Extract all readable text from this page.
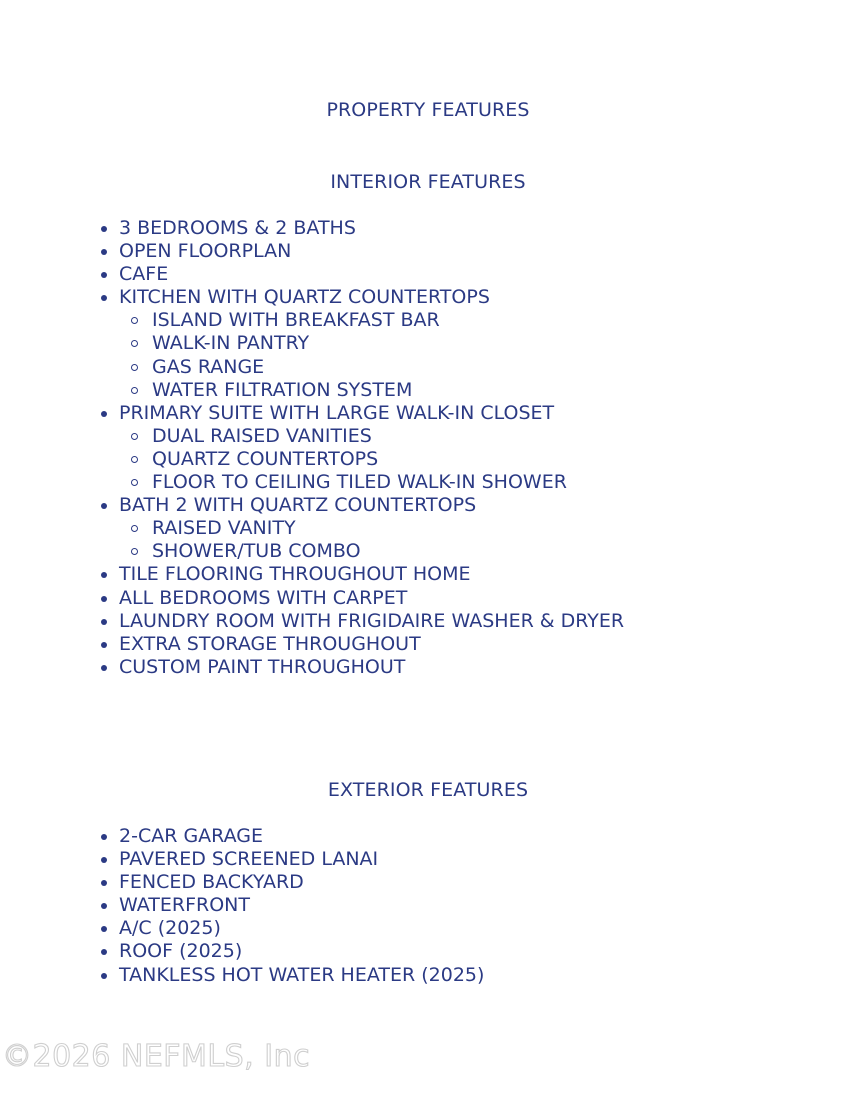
PROPERTY FEATURES
INTERIOR FEATURES
3 BEDROOMS & 2 BATHS
OPEN FLOORPLAN
CAFE
KITCHEN WITH QUARTZ COUNTERTOPS
ISLAND WITH BREAKFAST BAR
WALK-IN PANTRY
GAS RANGE
WATER FILTRATION SYSTEM
PRIMARY SUITE WITH LARGE WALK-IN CLOSET
DUAL RAISED VANITIES
QUARTZ COUNTERTOPS
FLOOR TO CEILING TILED WALK-IN SHOWER
BATH 2 WITH QUARTZ COUNTERTOPS
RAISED VANITY
SHOWER/TUB COMBO
TILE FLOORING THROUGHOUT HOME
ALL BEDROOMS WITH CARPET
LAUNDRY ROOM WITH FRIGIDAIRE WASHER & DRYER
EXTRA STORAGE THROUGHOUT
CUSTOM PAINT THROUGHOUT
EXTERIOR FEATURES
2-CAR GARAGE
PAVERED SCREENED LANAI
FENCED BACKYARD
WATERFRONT
A/C (2025)
ROOF (2025)
TANKLESS HOT WATER HEATER (2025)
©2026 NEFMLS, Inc
